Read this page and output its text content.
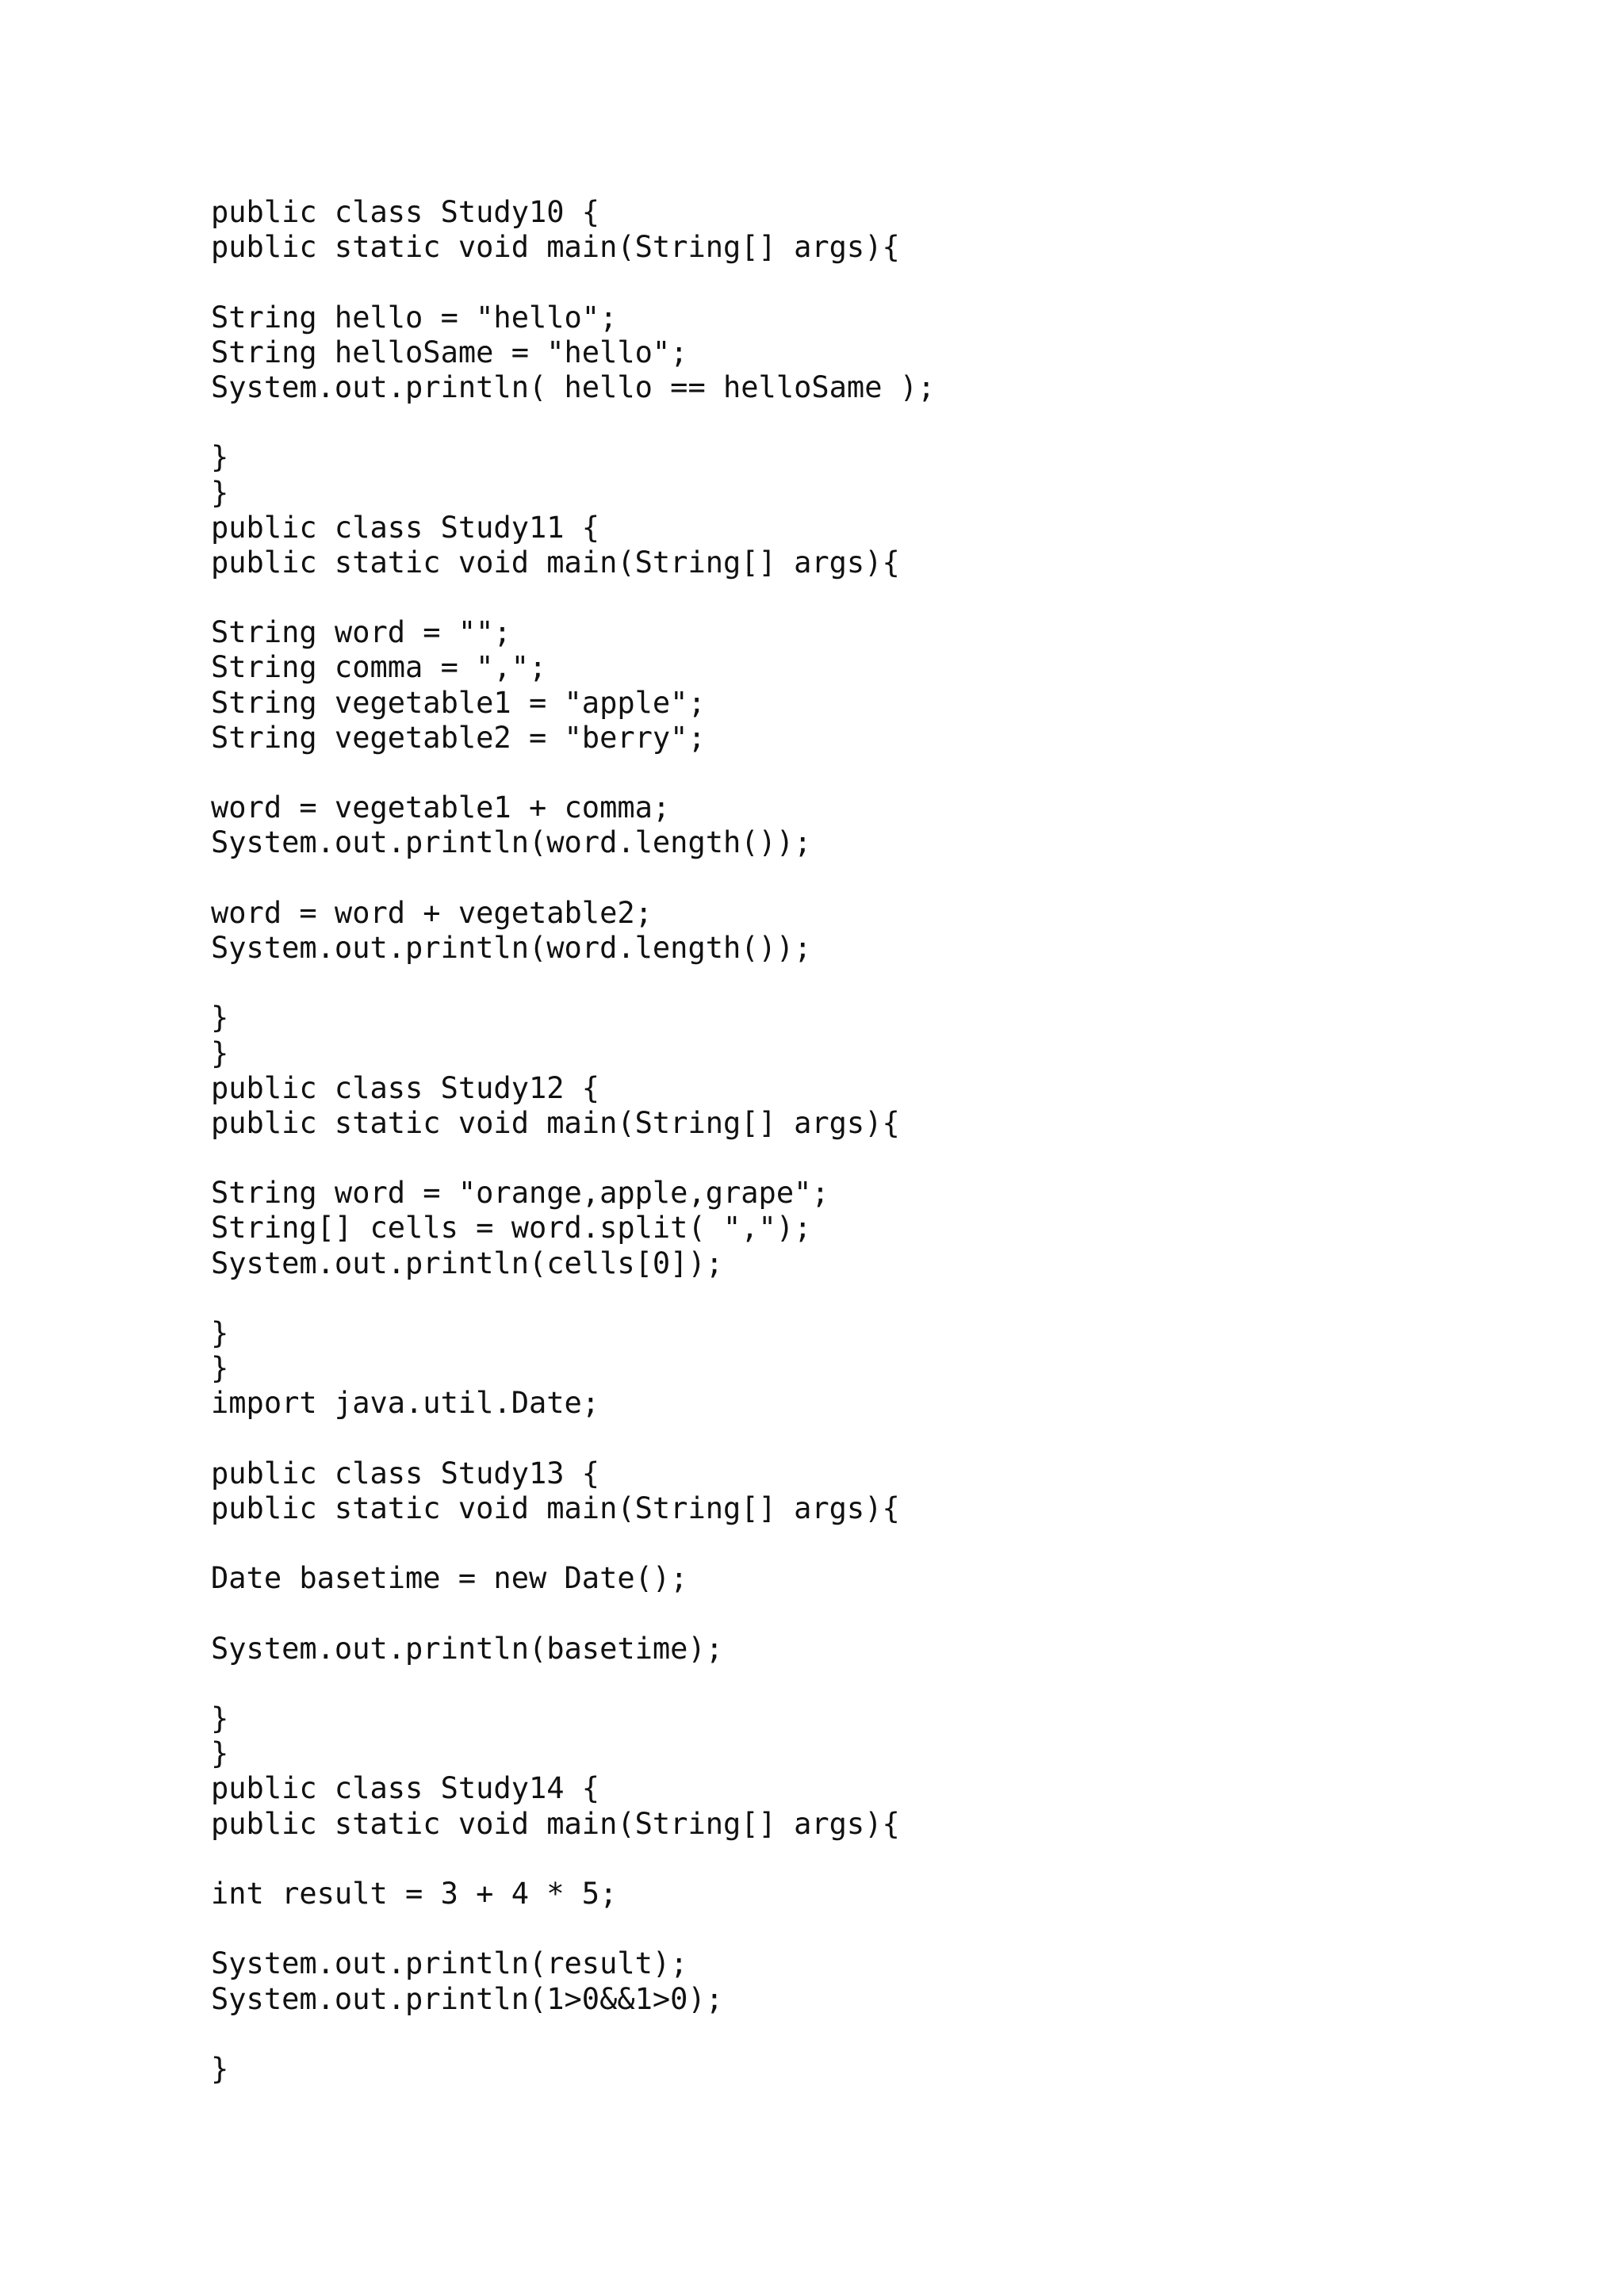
public class Study10 {
public static void main(String[] args){
String hello = "hello";
String helloSame = "hello";
System.out.println( hello == helloSame );
}
}
public class Study11 {
public static void main(String[] args){
String word = "";
String comma = ",";
String vegetable1 = "apple";
String vegetable2 = "berry";
word = vegetable1 + comma;
System.out.println(word.length());
word = word + vegetable2;
System.out.println(word.length());
}
}
public class Study12 {
public static void main(String[] args){
String word = "orange,apple,grape";
String[] cells = word.split( ",");
System.out.println(cells[0]);
}
}
import java.util.Date;
public class Study13 {
public static void main(String[] args){
Date basetime = new Date();
System.out.println(basetime);
}
}
public class Study14 {
public static void main(String[] args){
int result = 3 + 4 * 5;
System.out.println(result);
System.out.println(1>0&&1>0);
}
